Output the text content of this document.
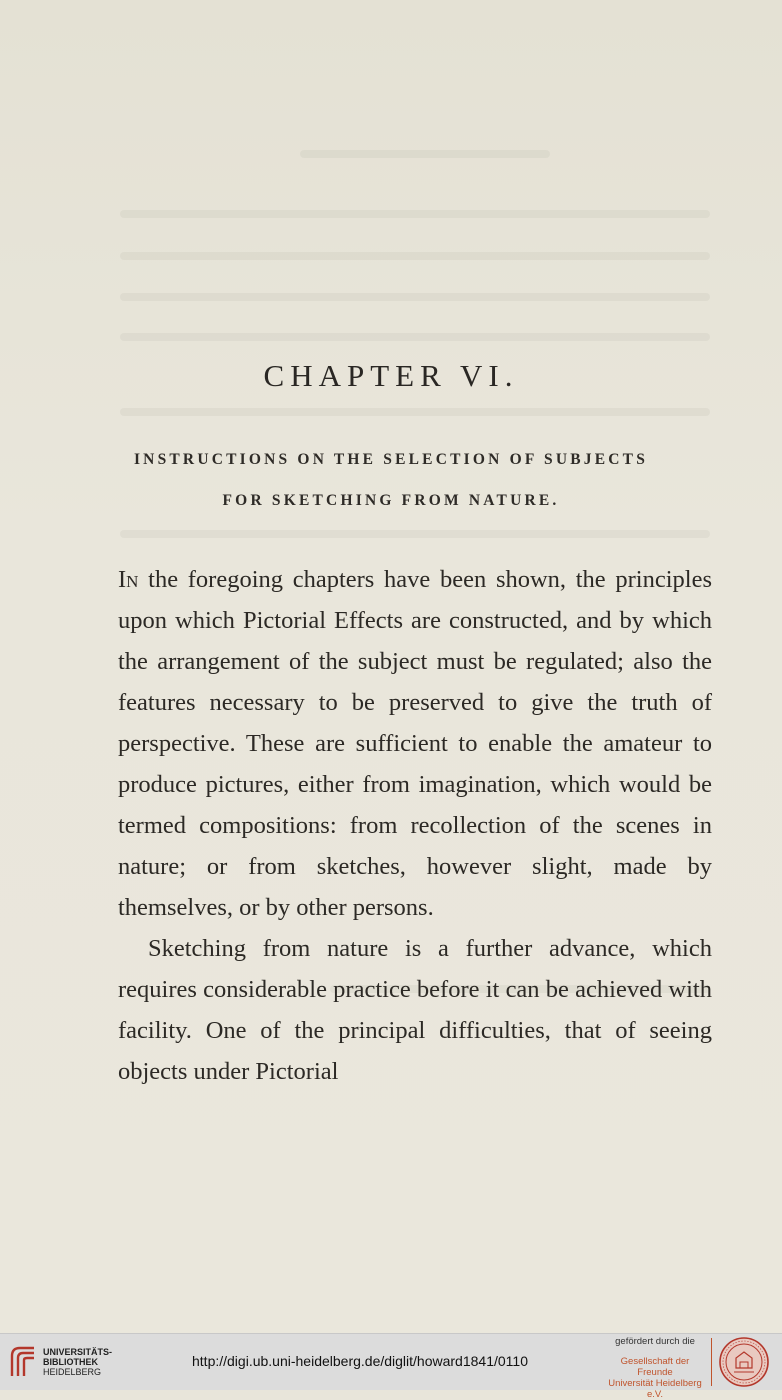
CHAPTER VI.
INSTRUCTIONS ON THE SELECTION OF SUBJECTS
FOR SKETCHING FROM NATURE.

In the foregoing chapters have been shown, the principles upon which Pictorial Effects are constructed, and by which the arrangement of the subject must be regulated; also the features necessary to be preserved to give the truth of perspective. These are sufficient to enable the amateur to produce pictures, either from imagination, which would be termed compositions: from recollection of the scenes in nature; or from sketches, however slight, made by themselves, or by other persons.

Sketching from nature is a further advance, which requires considerable practice before it can be achieved with facility. One of the principal difficulties, that of seeing objects under Pictorial

UNIVERSITÄTS-
BIBLIOTHEK
HEIDELBERG
http://digi.ub.uni-heidelberg.de/diglit/howard1841/0110
gefördert durch die
Gesellschaft der Freunde
Universität Heidelberg e.V.
